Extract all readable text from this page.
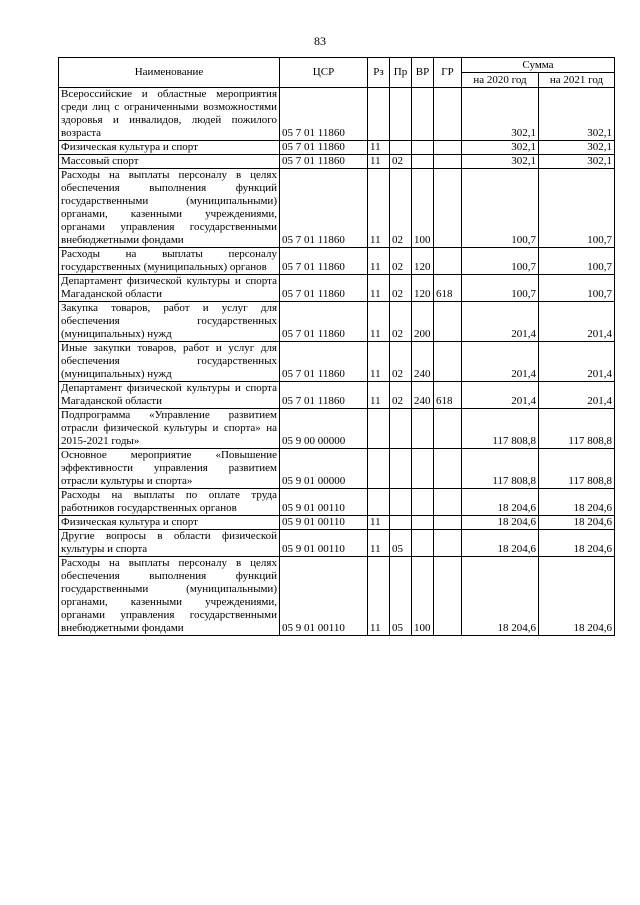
83
Наименование	ЦСР	Рз	Пр	ВР	ГР	Сумма	
						на 2020 год	на 2021 год
Всероссийские и областные мероприятия среди лиц с ограниченными возможностями здоровья и инвалидов, людей пожилого возраста	05 7 01 11860					302,1	302,1
Физическая культура и спорт	05 7 01 11860	11				302,1	302,1
Массовый спорт	05 7 01 11860	11	02			302,1	302,1
Расходы на выплаты персоналу в целях обеспечения выполнения функций государственными (муниципальными) органами, казенными учреждениями, органами управления государственными внебюджетными фондами	05 7 01 11860	11	02	100		100,7	100,7
Расходы на выплаты персоналу государственных (муниципальных) органов	05 7 01 11860	11	02	120		100,7	100,7
Департамент физической культуры и спорта Магаданской области	05 7 01 11860	11	02	120	618	100,7	100,7
Закупка товаров, работ и услуг для обеспечения государственных (муниципальных) нужд	05 7 01 11860	11	02	200		201,4	201,4
Иные закупки товаров, работ и услуг для обеспечения государственных (муниципальных) нужд	05 7 01 11860	11	02	240		201,4	201,4
Департамент физической культуры и спорта Магаданской области	05 7 01 11860	11	02	240	618	201,4	201,4
Подпрограмма «Управление развитием отрасли физической культуры и спорта» на 2015-2021 годы»	05 9 00 00000					117 808,8	117 808,8
Основное мероприятие «Повышение эффективности управления развитием отрасли культуры и спорта»	05 9 01 00000					117 808,8	117 808,8
Расходы на выплаты по оплате труда работников государственных органов	05 9 01 00110					18 204,6	18 204,6
Физическая культура и спорт	05 9 01 00110	11				18 204,6	18 204,6
Другие вопросы в области физической культуры и спорта	05 9 01 00110	11	05			18 204,6	18 204,6
Расходы на выплаты персоналу в целях обеспечения выполнения функций государственными (муниципальными) органами, казенными учреждениями, органами управления государственными внебюджетными фондами	05 9 01 00110	11	05	100		18 204,6	18 204,6
